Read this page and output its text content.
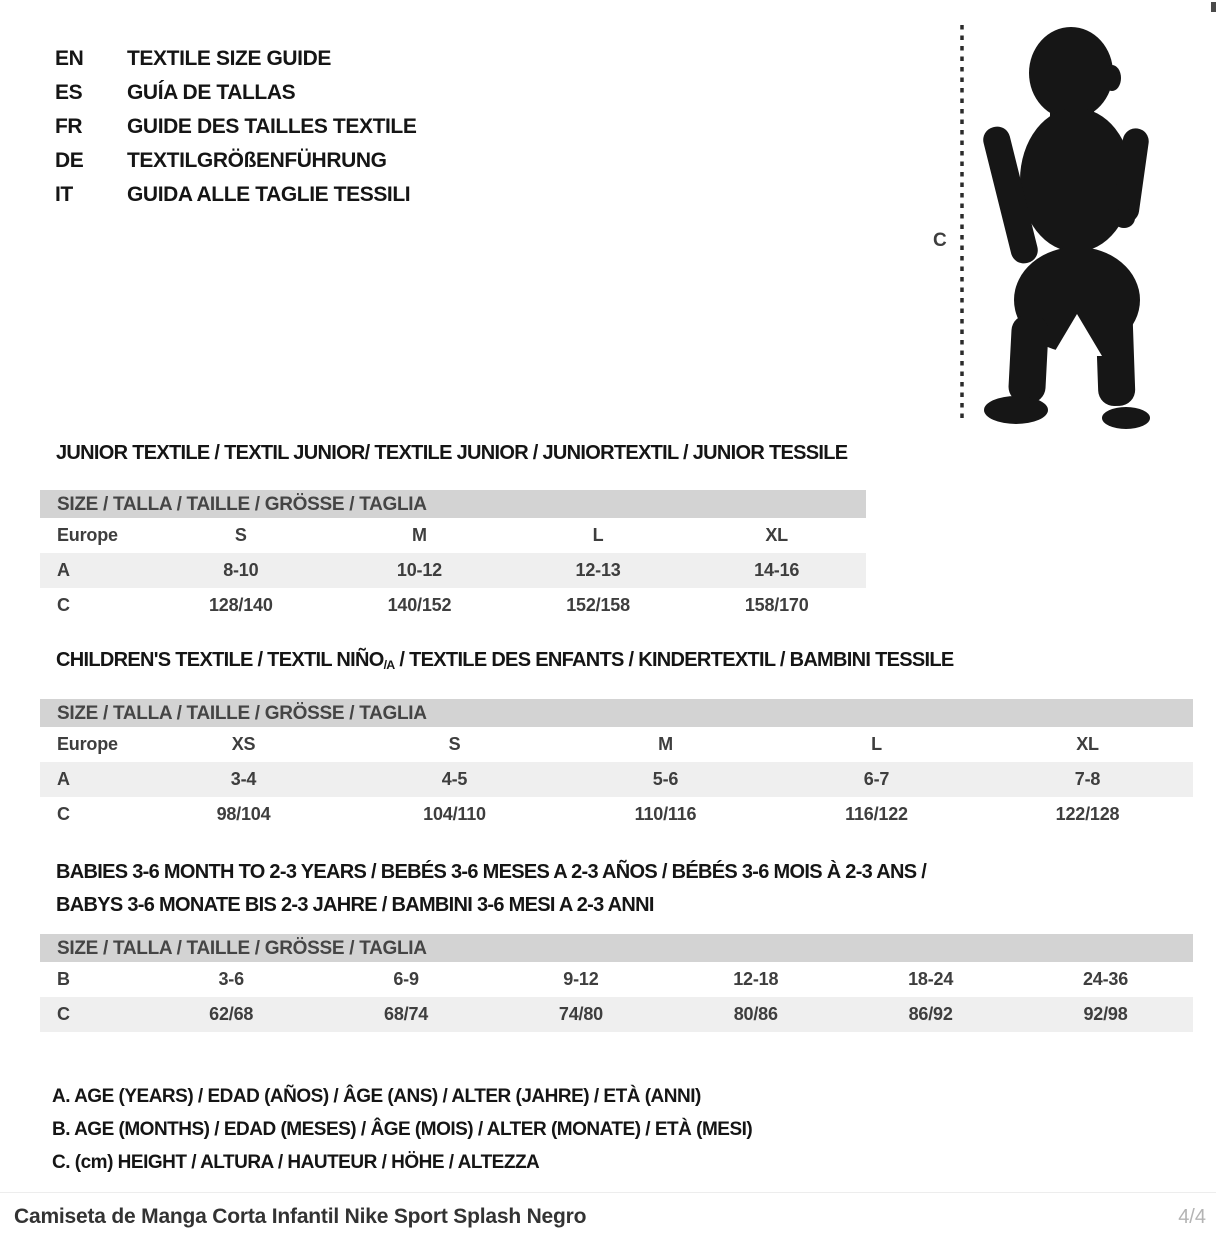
EN TEXTILE SIZE GUIDE
ES GUÍA DE TALLAS
FR GUIDE DES TAILLES TEXTILE
DE TEXTILGRÖßENFÜHRUNG
IT	GUIDA ALLE TAGLIE TESSILI
C
JUNIOR TEXTILE / TEXTIL JUNIOR/ TEXTILE JUNIOR / JUNIORTEXTIL / JUNIOR TESSILE
SIZE / TALLA / TAILLE / GRÖSSE / TAGLIA
Europe	S	M	L	XL
A	8-10	10-12	12-13	14-16
C	128/140	140/152	152/158	158/170
CHILDREN'S TEXTILE / TEXTIL $NIÑO_{/A}$ / TEXTILE DES ENFANTS / KINDERTEXTIL / BAMBINI TESSILE
SIZE / TALLA / TAILLE / GRÖSSE / TAGLIA
Europe	XS	S	M	L	XL
A	3-4	4-5	5-6	6-7	7-8
C	98/104	104/110	110/116	116/122	122/128
BABIES 3-6 MONTH TO 2-3 YEARS / BEBÉS 3-6 MESES A 2-3 AÑOS / BÉBÉS 3-6 MOIS À 2-3 ANS /
BABYS 3-6 MONATE BIS 2-3 JAHRE / BAMBINI 3-6 MESI A 2-3 ANNI
SIZE / TALLA / TAILLE / GRÖSSE / TAGLIA
B	3-6	6-9	9-12	12-18	18-24	24-36
C	62/68	68/74	74/80	80/86	86/92	92/98
A. AGE (YEARS) / EDAD (AÑOS) / ÂGE (ANS) / ALTER (JAHRE) / ETÀ (ANNI)
B. AGE (MONTHS) / EDAD (MESES) / ÂGE (MOIS) / ALTER (MONATE) / ETÀ (MESI)
C. (cm) HEIGHT / ALTURA / HAUTEUR / HÖHE / ALTEZZA
Camiseta de Manga Corta Infantil Nike Sport Splash Negro	4/4
